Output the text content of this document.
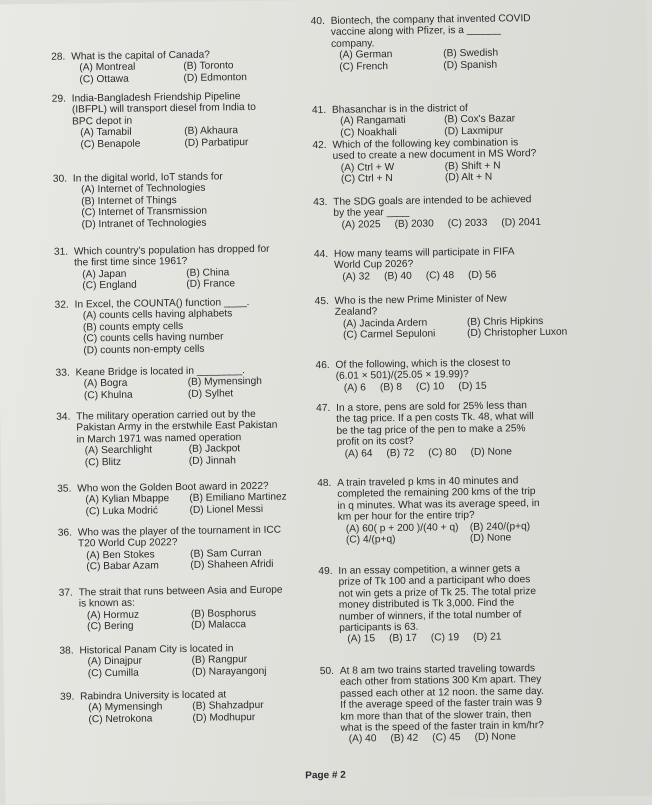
28. What is the capital of Canada?
(A) Montreal	(B) Toronto
(C) Ottawa	(D) Edmonton
29. India-Bangladesh Friendship Pipeline
(IBFPL) will transport diesel from India to
BPC depot in
(A) Tamabil	(B) Akhaura
(C) Benapole	(D) Parbatipur
30. In the digital world, IoT stands for
(A) Internet of Technologies
(B) Internet of Things
(C) Internet of Transmission
(D) Intranet of Technologies
31. Which country's population has dropped for
the first time since 1961?
(A) Japan	(B) China
(C) England	(D) France
32. In Excel, the COUNTA() function ____.
(A) counts cells having alphabets
(B) counts empty cells
(C) counts cells having number
(D) counts non-empty cells
33. Keane Bridge is located in ________.
(A) Bogra	(B) Mymensingh
(C) Khulna	(D) Sylhet
34. The military operation carried out by the
Pakistan Army in the erstwhile East Pakistan
in March 1971 was named operation
(A) Searchlight	(B) Jackpot
(C) Blitz	(D) Jinnah
35. Who won the Golden Boot award in 2022?
(A) Kylian Mbappe	(B) Emiliano Martinez
(C) Luka Modrić	(D) Lionel Messi
36. Who was the player of the tournament in ICC
T20 World Cup 2022?
(A) Ben Stokes	(B) Sam Curran
(C) Babar Azam	(D) Shaheen Afridi
37. The strait that runs between Asia and Europe
is known as:
(A) Hormuz	(B) Bosphorus
(C) Bering	(D) Malacca
38. Historical Panam City is located in
(A) Dinajpur	(B) Rangpur
(C) Cumilla	(D) Narayangonj
39. Rabindra University is located at
(A) Mymensingh	(B) Shahzadpur
(C) Netrokona	(D) Modhupur
40. Biontech, the company that invented COVID
vaccine along with Pfizer, is a ______
company.
(A) German	(B) Swedish
(C) French	(D) Spanish
41. Bhasanchar is in the district of
(A) Rangamati	(B) Cox's Bazar
(C) Noakhali	(D) Laxmipur
42. Which of the following key combination is
used to create a new document in MS Word?
(A) Ctrl + W	(B) Shift + N
(C) Ctrl + N	(D) Alt + N
43. The SDG goals are intended to be achieved
by the year ____
(A) 2025 (B) 2030 (C) 2033 (D) 2041
44. How many teams will participate in FIFA
World Cup 2026?
(A) 32 (B) 40 (C) 48 (D) 56
45. Who is the new Prime Minister of New
Zealand?
(A) Jacinda Ardern	(B) Chris Hipkins
(C) Carmel Sepuloni	(D) Christopher Luxon
46. Of the following, which is the closest to
(6.01 × 501)/(25.05 × 19.99)?
(A) 6 (B) 8 (C) 10 (D) 15
47. In a store, pens are sold for 25% less than
the tag price. If a pen costs Tk. 48, what will
be the tag price of the pen to make a 25%
profit on its cost?
(A) 64 (B) 72 (C) 80 (D) None
48. A train traveled p kms in 40 minutes and
completed the remaining 200 kms of the trip
in q minutes. What was its average speed, in
km per hour for the entire trip?
(A) 60( p + 200 )/(40 + q)	(B) 240/(p+q)
(C) 4/(p+q)	(D) None
49. In an essay competition, a winner gets a
prize of Tk 100 and a participant who does
not win gets a prize of Tk 25. The total prize
money distributed is Tk 3,000. Find the
number of winners, if the total number of
participants is 63.
(A) 15 (B) 17 (C) 19 (D) 21
50. At 8 am two trains started traveling towards
each other from stations 300 Km apart. They
passed each other at 12 noon. the same day.
If the average speed of the faster train was 9
km more than that of the slower train, then
what is the speed of the faster train in km/hr?
(A) 40 (B) 42 (C) 45 (D) None
Page # 2
